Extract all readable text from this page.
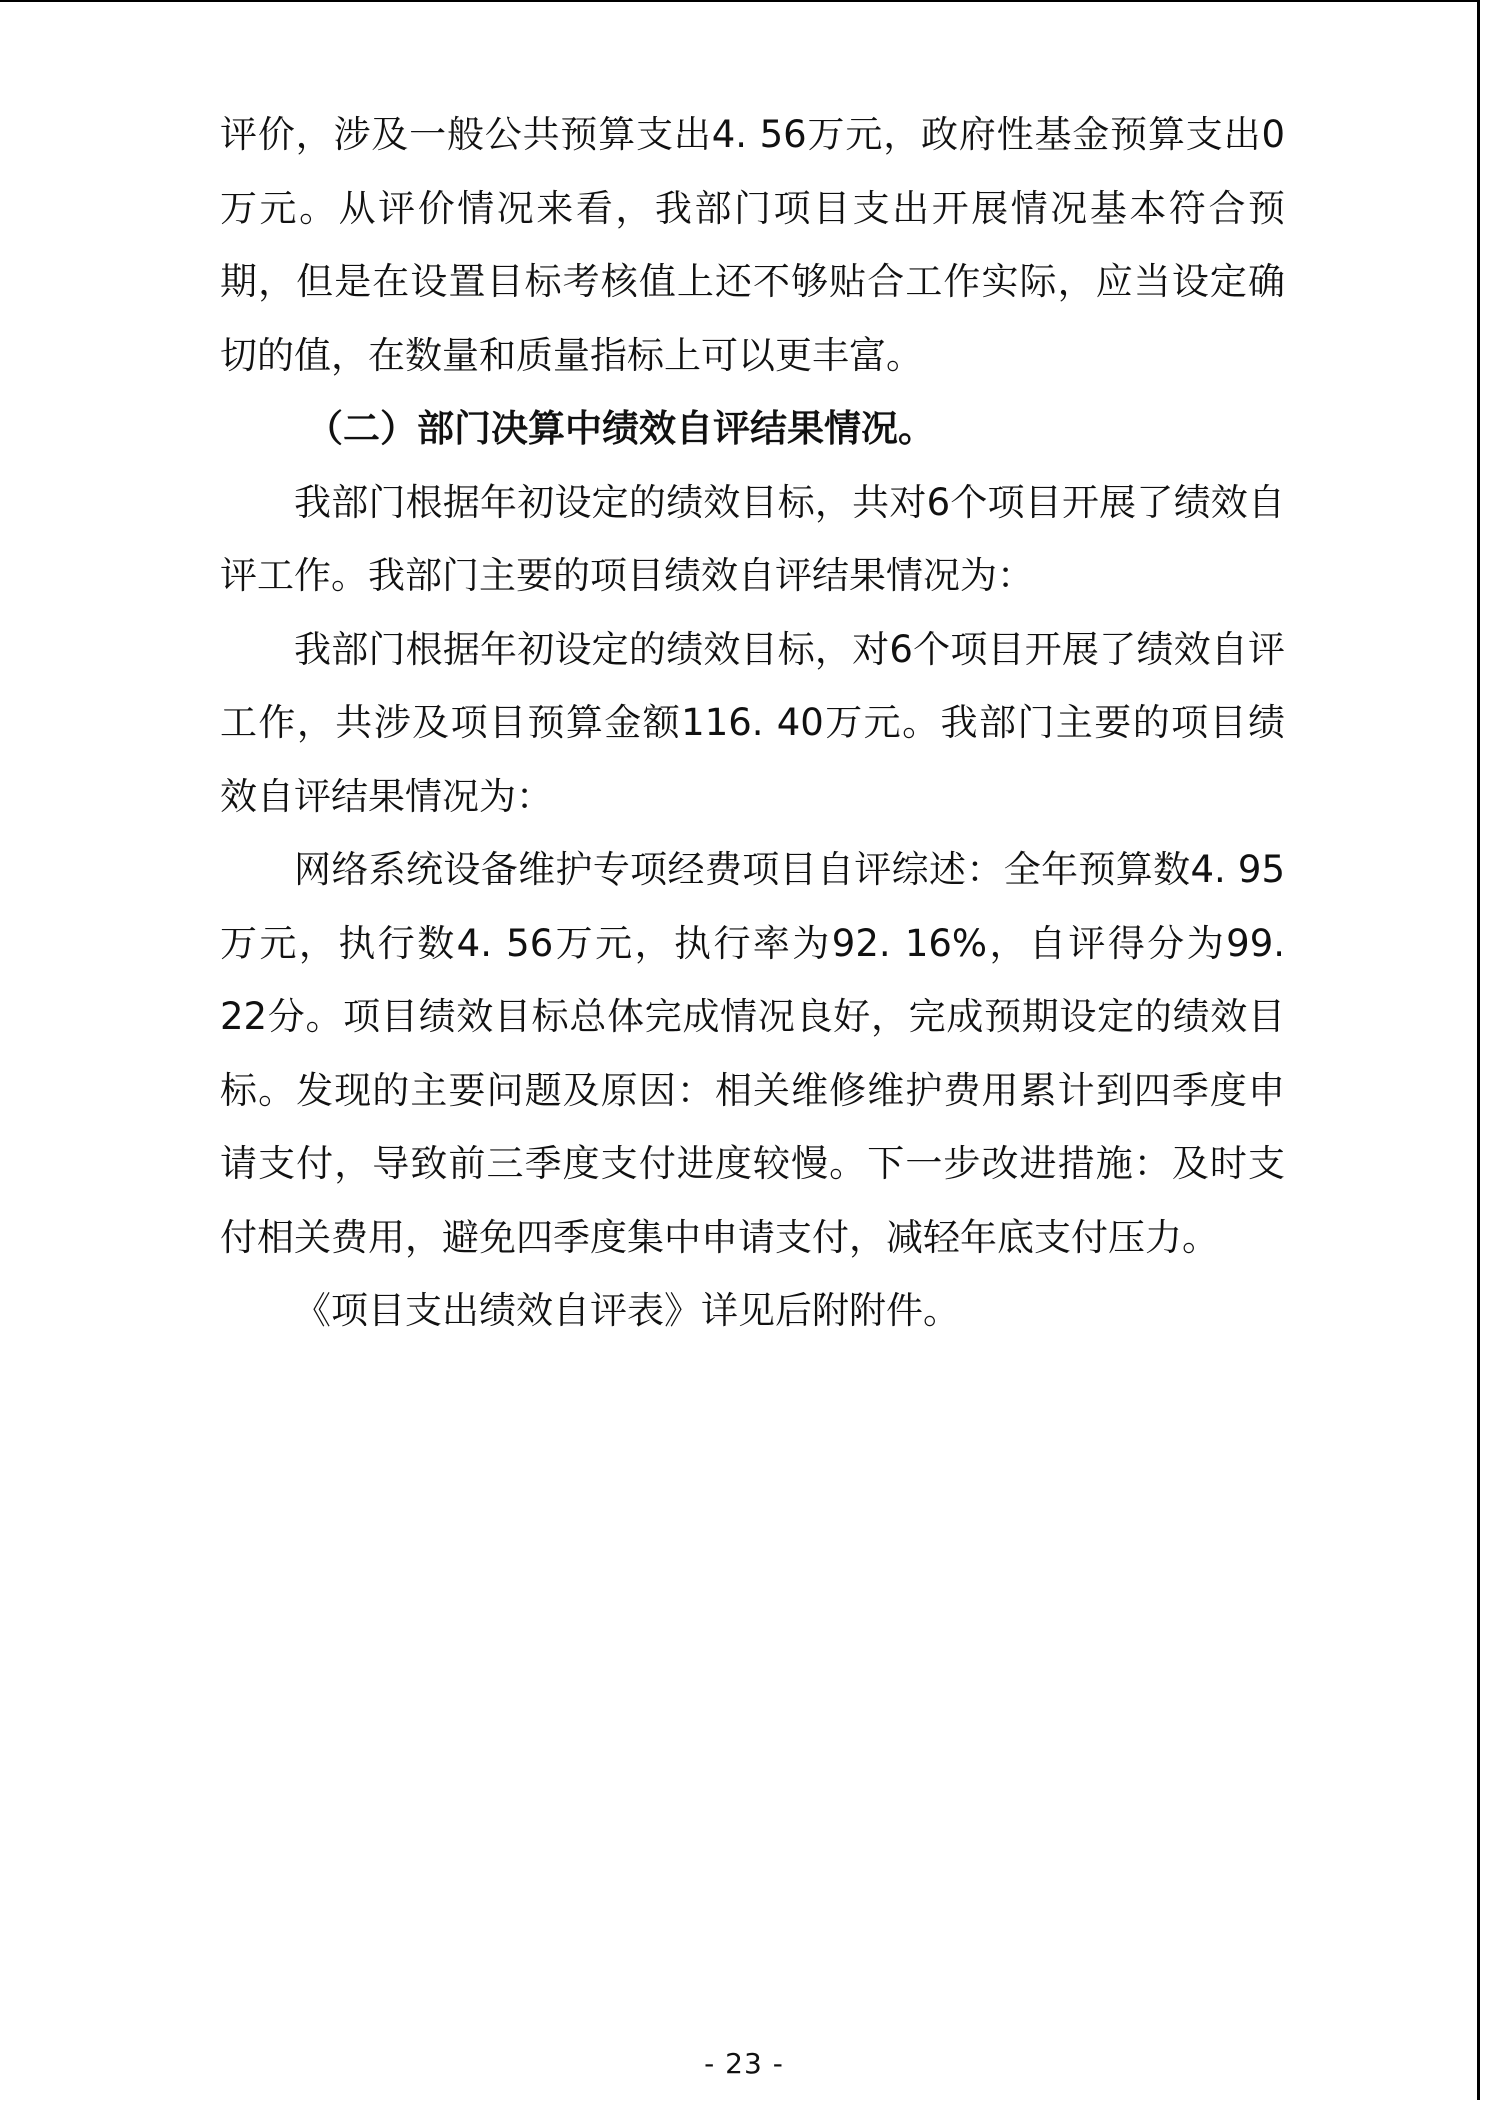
评价，涉及一般公共预算支出4. 56万元，政府性基金预算支出0万元。从评价情况来看，我部门项目支出开展情况基本符合预期，但是在设置目标考核值上还不够贴合工作实际，应当设定确切的值，在数量和质量指标上可以更丰富。

（二）部门决算中绩效自评结果情况。

我部门根据年初设定的绩效目标，共对6个项目开展了绩效自评工作。我部门主要的项目绩效自评结果情况为：

我部门根据年初设定的绩效目标，对6个项目开展了绩效自评工作，共涉及项目预算金额116. 40万元。我部门主要的项目绩效自评结果情况为：

网络系统设备维护专项经费项目自评综述：全年预算数4. 95万元，执行数4. 56万元，执行率为92. 16%，自评得分为99. 22分。项目绩效目标总体完成情况良好，完成预期设定的绩效目标。发现的主要问题及原因：相关维修维护费用累计到四季度申请支付，导致前三季度支付进度较慢。下一步改进措施：及时支付相关费用，避免四季度集中申请支付，减轻年底支付压力。

《项目支出绩效自评表》详见后附附件。

- 23 -
